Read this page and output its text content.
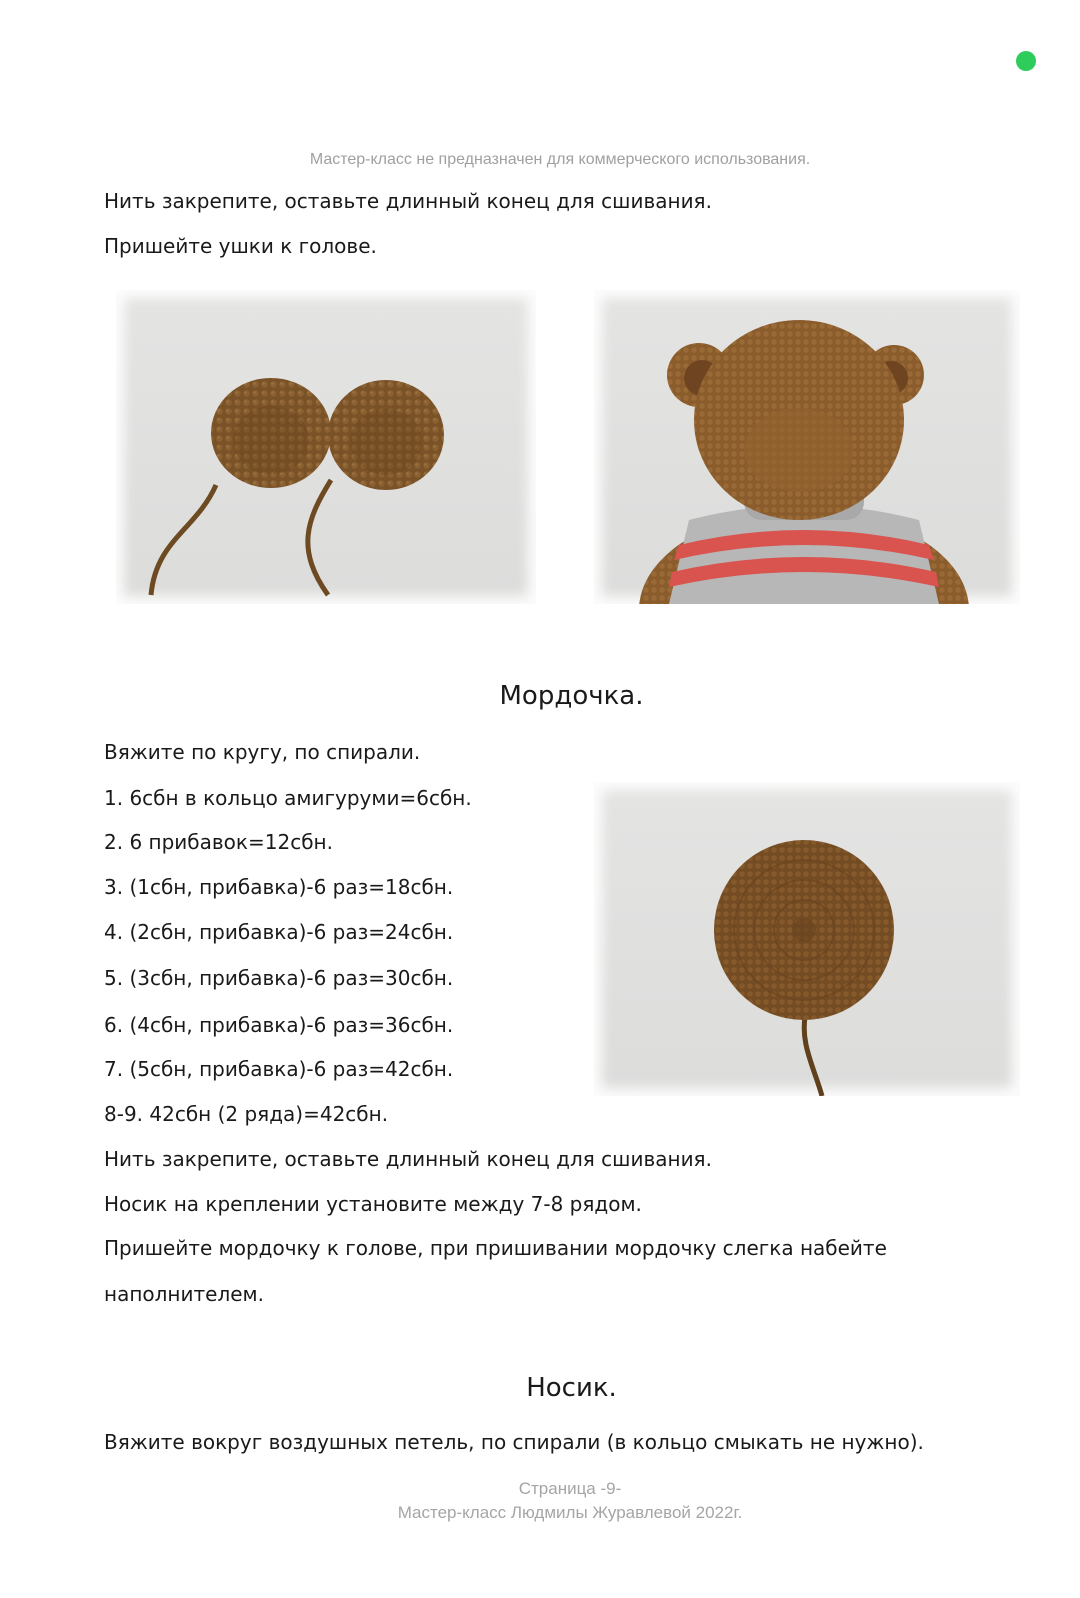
Мастер-класс не предназначен для коммерческого использования.
Нить закрепите, оставьте длинный конец для сшивания.
Пришейте ушки к голове.
Мордочка.
Вяжите по кругу, по спирали.
1. 6сбн в кольцо амигуруми=6сбн.
2. 6 прибавок=12сбн.
3. (1сбн, прибавка)-6 раз=18сбн.
4. (2сбн, прибавка)-6 раз=24сбн.
5. (3сбн, прибавка)-6 раз=30сбн.
6. (4сбн, прибавка)-6 раз=36сбн.
7. (5сбн, прибавка)-6 раз=42сбн.
8-9. 42сбн (2 ряда)=42сбн.
Нить закрепите, оставьте длинный конец для сшивания.
Носик на креплении установите между 7-8 рядом.
Пришейте мордочку к голове, при пришивании мордочку слегка набейте
наполнителем.
Носик.
Вяжите вокруг воздушных петель, по спирали (в кольцо смыкать не нужно).
Страница -9-
Мастер-класс Людмилы Журавлевой 2022г.
